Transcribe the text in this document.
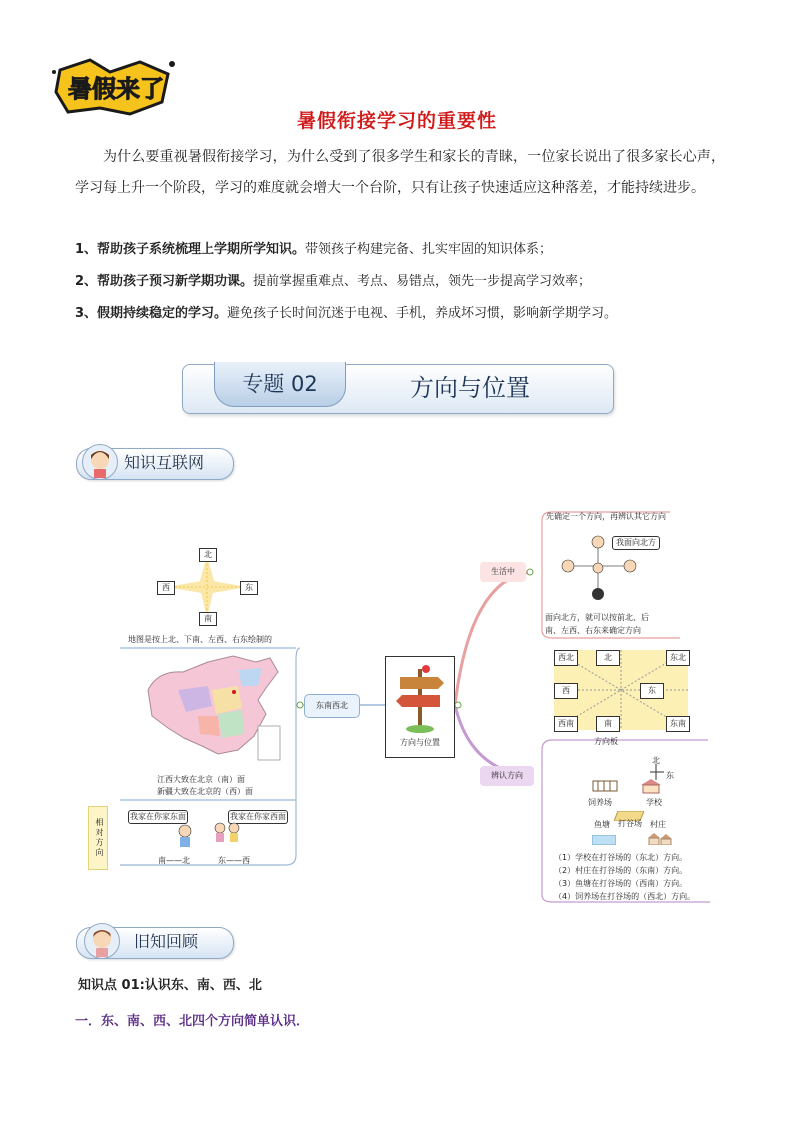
暑假来了
暑假衔接学习的重要性
为什么要重视暑假衔接学习，为什么受到了很多学生和家长的青睐，一位家长说出了很多家长心声，学习每上升一个阶段，学习的难度就会增大一个台阶，只有让孩子快速适应这种落差，才能持续进步。
1、帮助孩子系统梳理上学期所学知识。带领孩子构建完备、扎实牢固的知识体系；
2、帮助孩子预习新学期功课。提前掌握重难点、考点、易错点，领先一步提高学习效率；
3、假期持续稳定的学习。避免孩子长时间沉迷于电视、手机，养成坏习惯，影响新学期学习。
专题 02	方向与位置
知识互联网
北
南
西	东
地图是按上北、下南、左西、右东绘制的
江西大致在北京（南）面
新疆大致在北京的（西）面
相对方向
我家在你家东面	我家在你家西面
南——北	东——西
东南西北
方向与位置
生活中
先确定一个方向，再辨认其它方向
我面向北方
面向北方，就可以按前北、后
南、左西、右东来确定方向
西北	北	东北
西	东
西南	南	东南
方向板
辨认方向
北
东
饲养场	学校
打谷场
鱼塘	村庄
（1）学校在打谷场的（东北）方向。
（2）村庄在打谷场的（东南）方向。
（3）鱼塘在打谷场的（西南）方向。
（4）饲养场在打谷场的（西北）方向。
旧知回顾
知识点 01:认识东、南、西、北
一．东、南、西、北四个方向简单认识．
